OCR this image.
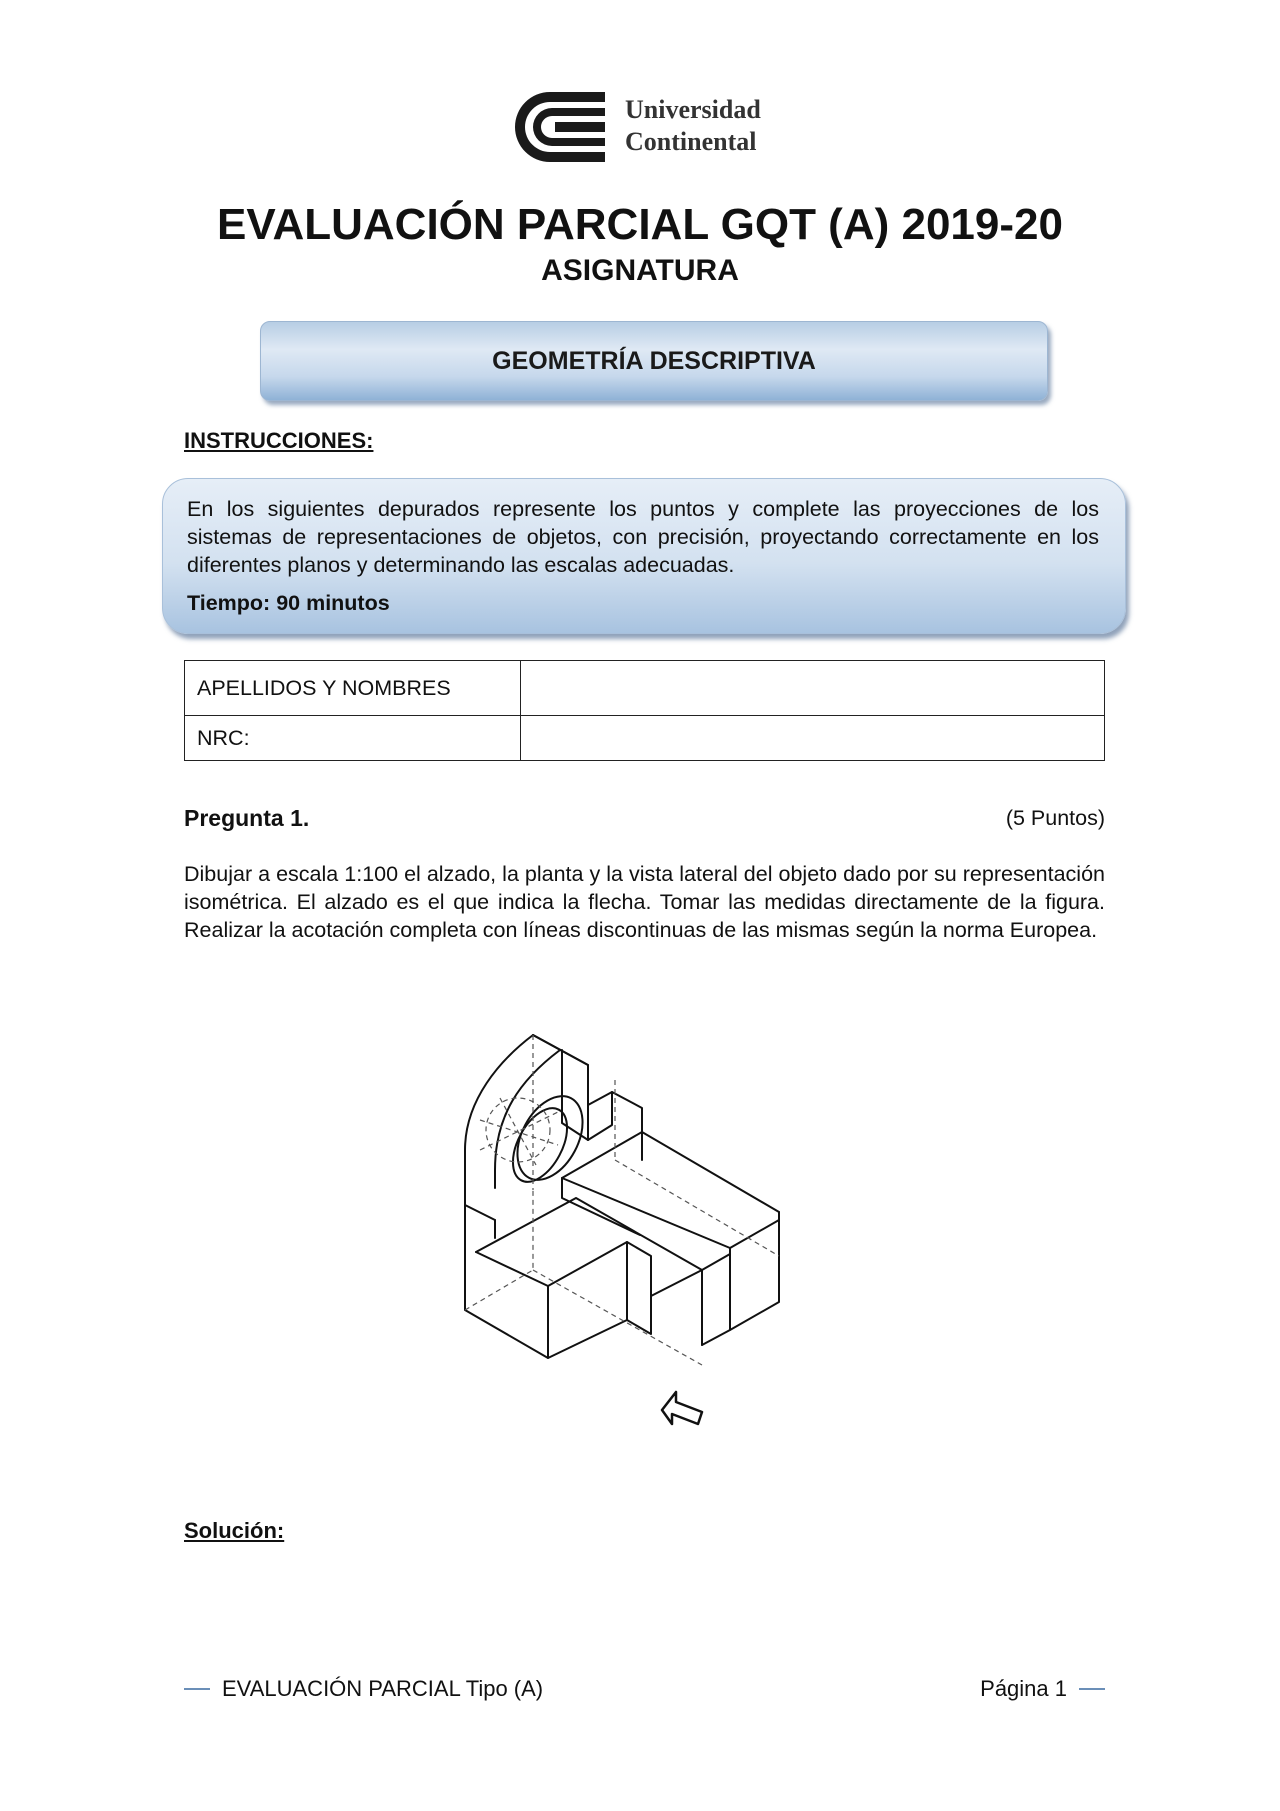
Universidad
Continental
EVALUACIÓN PARCIAL GQT (A) 2019-20
ASIGNATURA
GEOMETRÍA DESCRIPTIVA
INSTRUCCIONES:
En los siguientes depurados represente los puntos y complete las proyecciones de los sistemas de representaciones de objetos, con precisión, proyectando correctamente en los diferentes planos y determinando las escalas adecuadas.
Tiempo: 90 minutos
APELLIDOS Y NOMBRES	
NRC:	
Pregunta 1.	(5 Puntos)
Dibujar a escala 1:100 el alzado, la planta y la vista lateral del objeto dado por su representación isométrica. El alzado es el que indica la flecha. Tomar las medidas directamente de la figura. Realizar la acotación completa con líneas discontinuas de las mismas según la norma Europea.
Solución:
EVALUACIÓN PARCIAL Tipo (A)	Página 1
